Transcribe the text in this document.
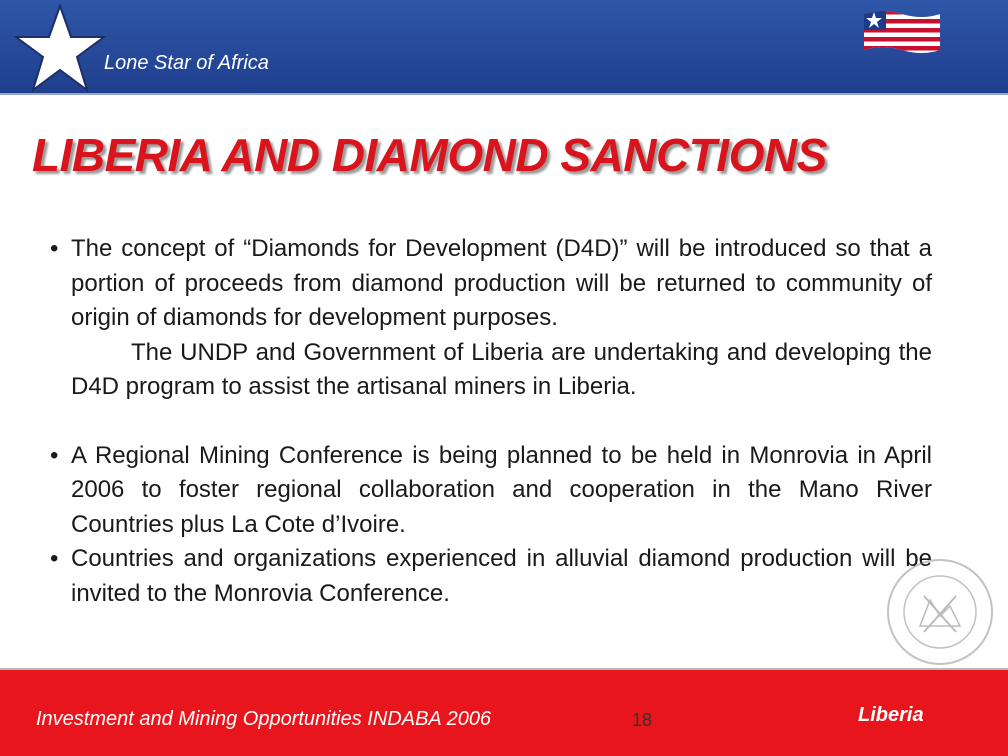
Lone Star of Africa
LIBERIA AND DIAMOND SANCTIONS
• The concept of “Diamonds for Development (D4D)” will be introduced so that a portion of proceeds from diamond production will be returned to community of origin of diamonds for development purposes.
The UNDP and Government of Liberia are undertaking and developing the D4D program to assist the artisanal miners in Liberia.
• A Regional Mining Conference is being planned to be held in Monrovia in April 2006 to foster regional collaboration and cooperation in the Mano River Countries plus La Cote d’Ivoire.
• Countries and organizations experienced in alluvial diamond production will be invited to the Monrovia Conference.
Investment and Mining Opportunities INDABA 2006	18	Liberia
